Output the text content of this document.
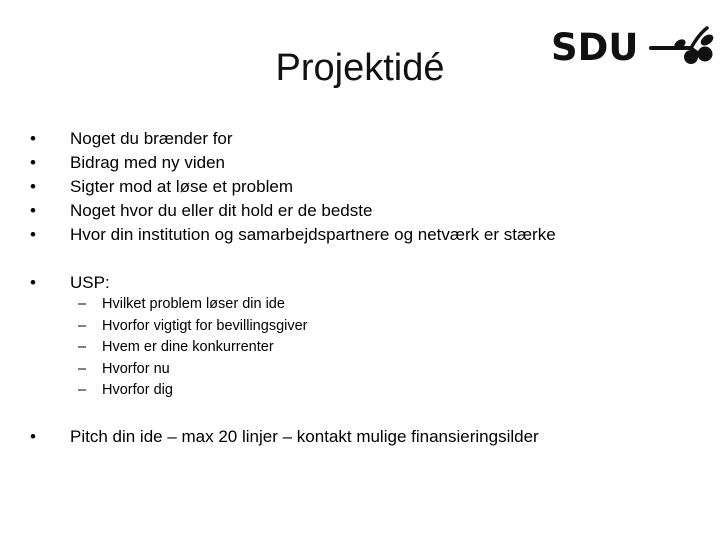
Projektidé	SDU
•	Noget du brænder for
•	Bidrag med ny viden
•	Sigter mod at løse et problem
•	Noget hvor du eller dit hold er de bedste
•	Hvor din institution og samarbejdspartnere og netværk er stærke
•	USP:
–	Hvilket problem løser din ide
–	Hvorfor vigtigt for bevillingsgiver
–	Hvem er dine konkurrenter
–	Hvorfor nu
–	Hvorfor dig
•	Pitch din ide – max 20 linjer – kontakt mulige finansieringsilder
